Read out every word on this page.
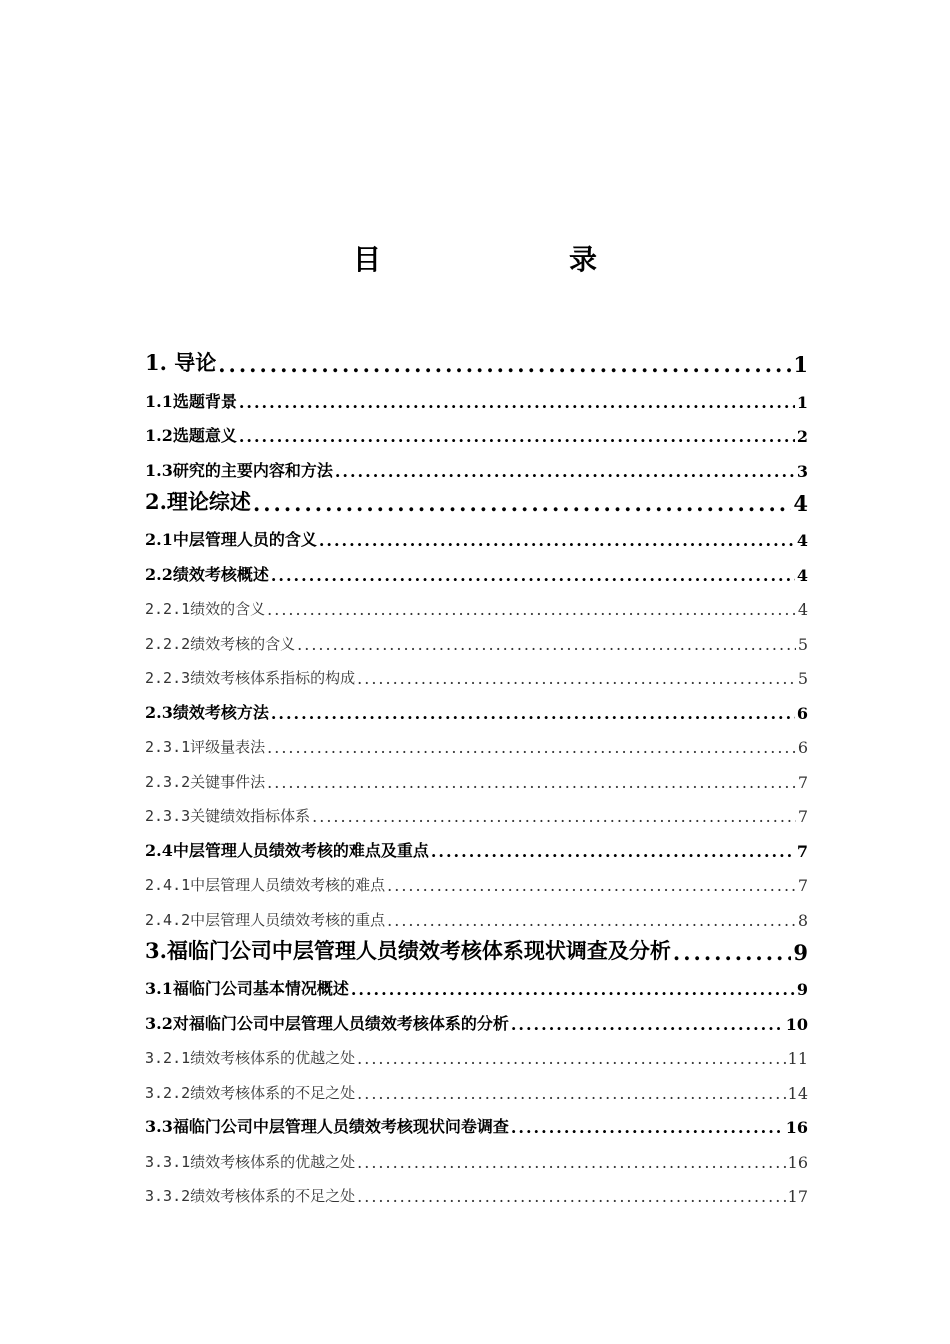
目　　录
1. 导论 .....	1
1.1选题背景 .....	1
1.2选题意义 .....	2
1.3研究的主要内容和方法 .....	3
2.理论综述 .....	4
2.1中层管理人员的含义 .....	4
2.2绩效考核概述 .....	4
2.2.1绩效的含义 .....	4
2.2.2绩效考核的含义 .....	5
2.2.3绩效考核体系指标的构成 .....	5
2.3绩效考核方法 .....	6
2.3.1评级量表法 .....	6
2.3.2关键事件法 .....	7
2.3.3关键绩效指标体系 .....	7
2.4中层管理人员绩效考核的难点及重点 .....	7
2.4.1中层管理人员绩效考核的难点 .....	7
2.4.2中层管理人员绩效考核的重点 .....	8
3.福临门公司中层管理人员绩效考核体系现状调查及分析 .....	9
3.1福临门公司基本情况概述 .....	9
3.2对福临门公司中层管理人员绩效考核体系的分析 .....	10
3.2.1绩效考核体系的优越之处 .....	11
3.2.2绩效考核体系的不足之处 .....	14
3.3福临门公司中层管理人员绩效考核现状问卷调查 .....	16
3.3.1绩效考核体系的优越之处 .....	16
3.3.2绩效考核体系的不足之处 .....	17
